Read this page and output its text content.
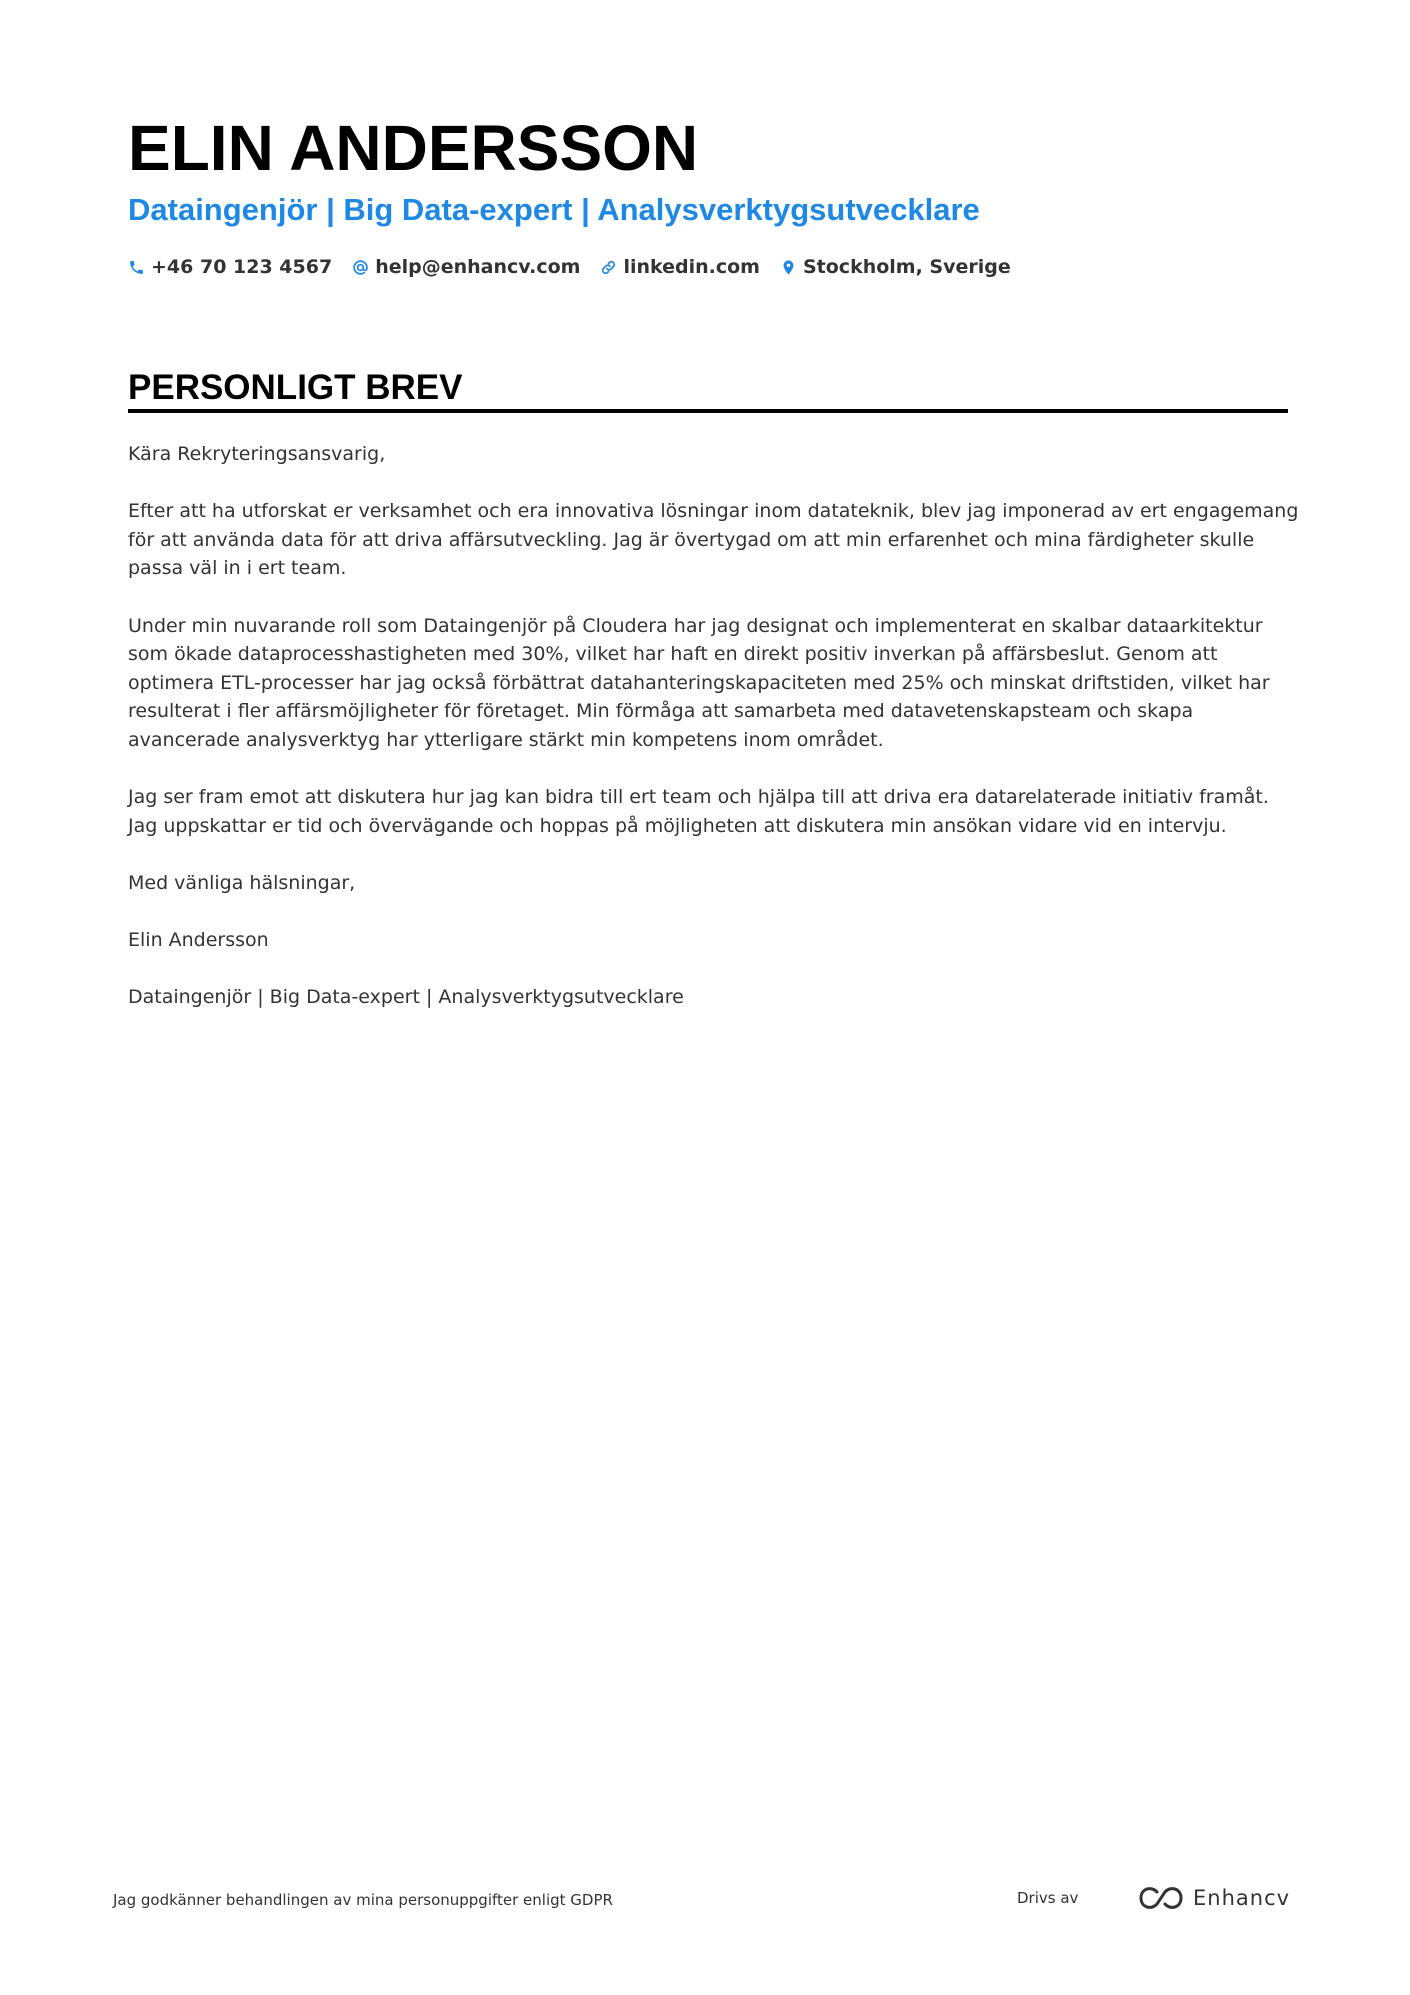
ELIN ANDERSSON
Dataingenjör | Big Data-expert | Analysverktygsutvecklare
+46 70 123 4567 help@enhancv.com linkedin.com Stockholm, Sverige
PERSONLIGT BREV

Kära Rekryteringsansvarig,

Efter att ha utforskat er verksamhet och era innovativa lösningar inom datateknik, blev jag imponerad av ert engagemang för att använda data för att driva affärsutveckling. Jag är övertygad om att min erfarenhet och mina färdigheter skulle passa väl in i ert team.

Under min nuvarande roll som Dataingenjör på Cloudera har jag designat och implementerat en skalbar dataarkitektur som ökade dataprocesshastigheten med 30%, vilket har haft en direkt positiv inverkan på affärsbeslut. Genom att optimera ETL-processer har jag också förbättrat datahanteringskapaciteten med 25% och minskat driftstiden, vilket har resulterat i fler affärsmöjligheter för företaget. Min förmåga att samarbeta med datavetenskapsteam och skapa avancerade analysverktyg har ytterligare stärkt min kompetens inom området.

Jag ser fram emot att diskutera hur jag kan bidra till ert team och hjälpa till att driva era datarelaterade initiativ framåt. Jag uppskattar er tid och övervägande och hoppas på möjligheten att diskutera min ansökan vidare vid en intervju.

Med vänliga hälsningar,

Elin Andersson

Dataingenjör | Big Data-expert | Analysverktygsutvecklare

Jag godkänner behandlingen av mina personuppgifter enligt GDPR	Drivs av	Enhancv
